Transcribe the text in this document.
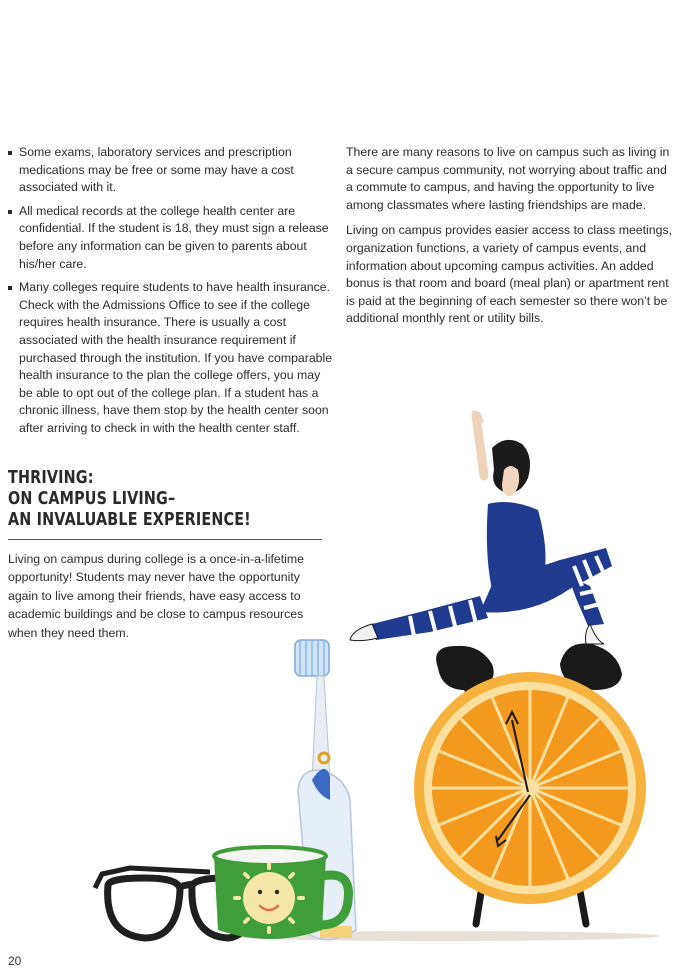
Some exams, laboratory services and prescription medications may be free or some may have a cost associated with it.
All medical records at the college health center are confidential. If the student is 18, they must sign a release before any information can be given to parents about his/her care.
Many colleges require students to have health insurance. Check with the Admissions Office to see if the college requires health insurance. There is usually a cost associated with the health insurance requirement if purchased through the institution. If you have comparable health insurance to the plan the college offers, you may be able to opt out of the college plan. If a student has a chronic illness, have them stop by the health center soon after arriving to check in with the health center staff.
THRIVING:
ON CAMPUS LIVING–
AN INVALUABLE EXPERIENCE!

Living on campus during college is a once-in-a-lifetime opportunity! Students may never have the opportunity again to live among their friends, have easy access to academic buildings and be close to campus resources when they need them.

There are many reasons to live on campus such as living in a secure campus community, not worrying about traffic and a commute to campus, and having the opportunity to live among classmates where lasting friendships are made.

Living on campus provides easier access to class meetings, organization functions, a variety of campus events, and information about upcoming campus activities. An added bonus is that room and board (meal plan) or apartment rent is paid at the beginning of each semester so there won’t be additional monthly rent or utility bills.

20
